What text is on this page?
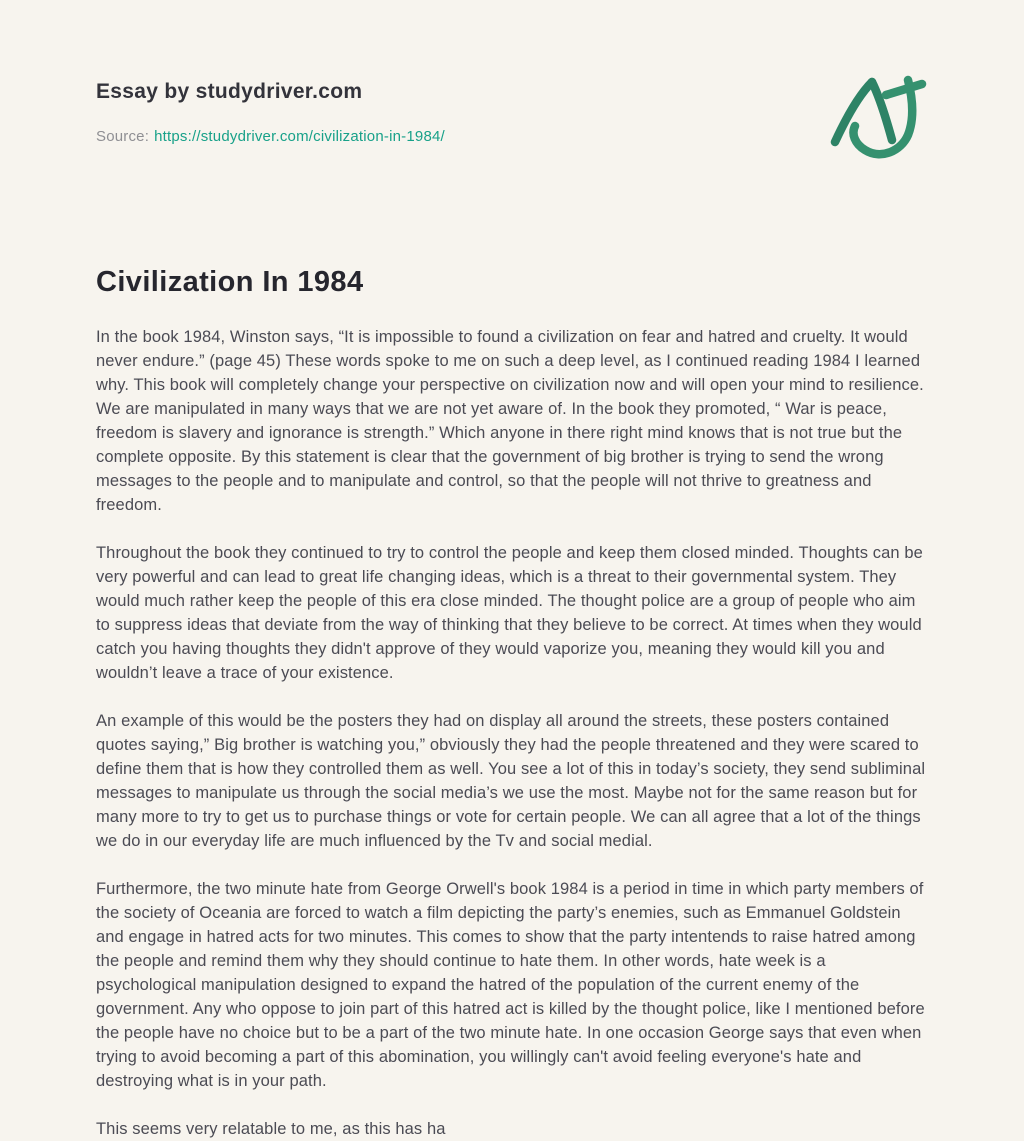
Essay by studydriver.com
Source: https://studydriver.com/civilization-in-1984/
Civilization In 1984

In the book 1984, Winston says, “It is impossible to found a civilization on fear and hatred and cruelty. It would never endure.” (page 45) These words spoke to me on such a deep level, as I continued reading 1984 I learned why. This book will completely change your perspective on civilization now and will open your mind to resilience. We are manipulated in many ways that we are not yet aware of. In the book they promoted, “ War is peace, freedom is slavery and ignorance is strength.” Which anyone in there right mind knows that is not true but the complete opposite. By this statement is clear that the government of big brother is trying to send the wrong messages to the people and to manipulate and control, so that the people will not thrive to greatness and freedom.

Throughout the book they continued to try to control the people and keep them closed minded. Thoughts can be very powerful and can lead to great life changing ideas, which is a threat to their governmental system. They would much rather keep the people of this era close minded. The thought police are a group of people who aim to suppress ideas that deviate from the way of thinking that they believe to be correct. At times when they would catch you having thoughts they didn't approve of they would vaporize you, meaning they would kill you and wouldn’t leave a trace of your existence.

An example of this would be the posters they had on display all around the streets, these posters contained quotes saying,” Big brother is watching you,” obviously they had the people threatened and they were scared to define them that is how they controlled them as well. You see a lot of this in today’s society, they send subliminal messages to manipulate us through the social media’s we use the most. Maybe not for the same reason but for many more to try to get us to purchase things or vote for certain people. We can all agree that a lot of the things we do in our everyday life are much influenced by the Tv and social medial.

Furthermore, the two minute hate from George Orwell's book 1984 is a period in time in which party members of the society of Oceania are forced to watch a film depicting the party’s enemies, such as Emmanuel Goldstein and engage in hatred acts for two minutes. This comes to show that the party intentends to raise hatred among the people and remind them why they should continue to hate them. In other words, hate week is a psychological manipulation designed to expand the hatred of the population of the current enemy of the government. Any who oppose to join part of this hatred act is killed by the thought police, like I mentioned before the people have no choice but to be a part of the two minute hate. In one occasion George says that even when trying to avoid becoming a part of this abomination, you willingly can't avoid feeling everyone's hate and destroying what is in your path.

This seems very relatable to me, as this has ha
